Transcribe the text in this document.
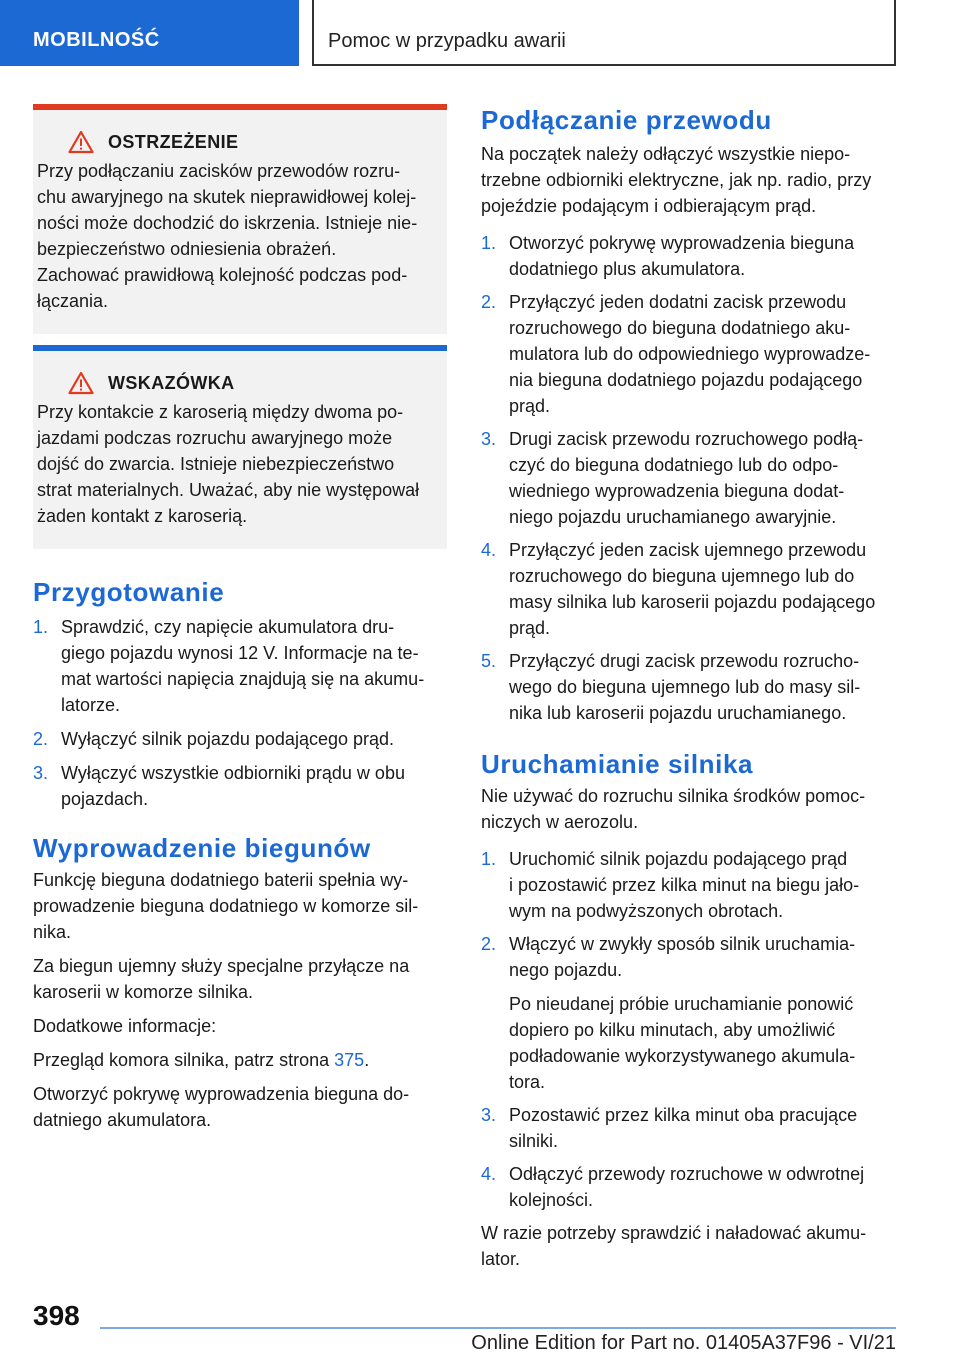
MOBILNOŚĆ	Pomoc w przypadku awarii
OSTRZEŻENIE
Przy podłączaniu zacisków przewodów rozru-
chu awaryjnego na skutek nieprawidłowej kolej-
ności może dochodzić do iskrzenia. Istnieje nie-
bezpieczeństwo odniesienia obrażeń.
Zachować prawidłową kolejność podczas pod-
łączania.
WSKAZÓWKA
Przy kontakcie z karoserią między dwoma po-
jazdami podczas rozruchu awaryjnego może
dojść do zwarcia. Istnieje niebezpieczeństwo
strat materialnych. Uważać, aby nie występował
żaden kontakt z karoserią.
Przygotowanie
1. Sprawdzić, czy napięcie akumulatora dru-
giego pojazdu wynosi 12 V. Informacje na te-
mat wartości napięcia znajdują się na akumu-
latorze.
2. Wyłączyć silnik pojazdu podającego prąd.
3. Wyłączyć wszystkie odbiorniki prądu w obu
pojazdach.
Wyprowadzenie biegunów
Funkcję bieguna dodatniego baterii spełnia wy-
prowadzenie bieguna dodatniego w komorze sil-
nika.
Za biegun ujemny służy specjalne przyłącze na
karoserii w komorze silnika.
Dodatkowe informacje:
Przegląd komora silnika, patrz strona 375.
Otworzyć pokrywę wyprowadzenia bieguna do-
datniego akumulatora.
Podłączanie przewodu
Na początek należy odłączyć wszystkie niepo-
trzebne odbiorniki elektryczne, jak np. radio, przy
pojeździe podającym i odbierającym prąd.
1. Otworzyć pokrywę wyprowadzenia bieguna
dodatniego plus akumulatora.
2. Przyłączyć jeden dodatni zacisk przewodu
rozruchowego do bieguna dodatniego aku-
mulatora lub do odpowiedniego wyprowadze-
nia bieguna dodatniego pojazdu podającego
prąd.
3. Drugi zacisk przewodu rozruchowego podłą-
czyć do bieguna dodatniego lub do odpo-
wiedniego wyprowadzenia bieguna dodat-
niego pojazdu uruchamianego awaryjnie.
4. Przyłączyć jeden zacisk ujemnego przewodu
rozruchowego do bieguna ujemnego lub do
masy silnika lub karoserii pojazdu podającego
prąd.
5. Przyłączyć drugi zacisk przewodu rozrucho-
wego do bieguna ujemnego lub do masy sil-
nika lub karoserii pojazdu uruchamianego.
Uruchamianie silnika
Nie używać do rozruchu silnika środków pomoc-
niczych w aerozolu.
1. Uruchomić silnik pojazdu podającego prąd
i pozostawić przez kilka minut na biegu jało-
wym na podwyższonych obrotach.
2. Włączyć w zwykły sposób silnik uruchamia-
nego pojazdu.
Po nieudanej próbie uruchamianie ponowić
dopiero po kilku minutach, aby umożliwić
podładowanie wykorzystywanego akumula-
tora.
3. Pozostawić przez kilka minut oba pracujące
silniki.
4. Odłączyć przewody rozruchowe w odwrotnej
kolejności.
W razie potrzeby sprawdzić i naładować akumu-
lator.
398
Online Edition for Part no. 01405A37F96 - VI/21
